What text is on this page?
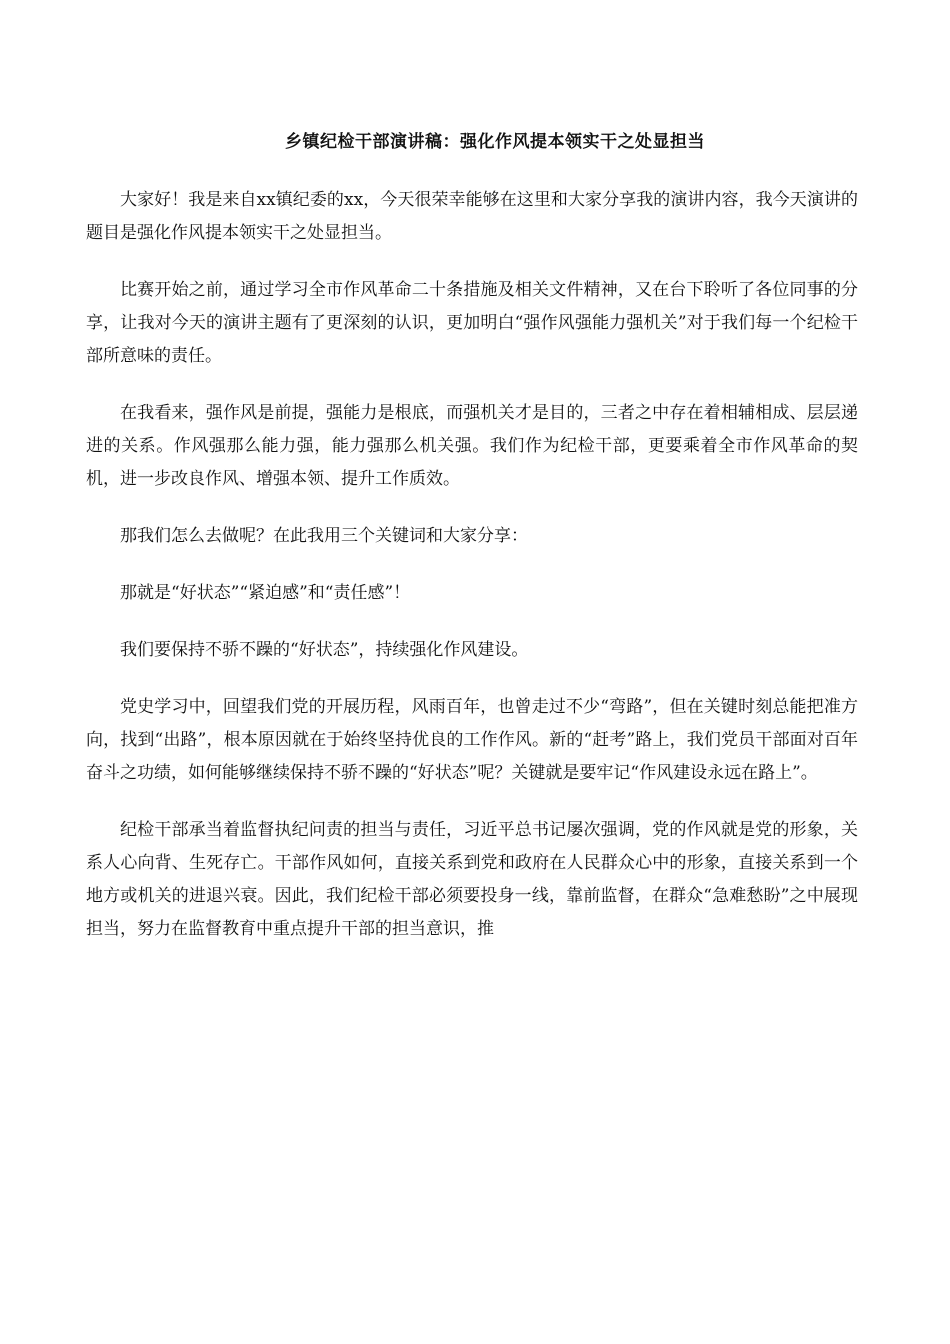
乡镇纪检干部演讲稿：强化作风提本领实干之处显担当

大家好！我是来自xx镇纪委的xx，今天很荣幸能够在这里和大家分享我的演讲内容，我今天演讲的题目是强化作风提本领实干之处显担当。

比赛开始之前，通过学习全市作风革命二十条措施及相关文件精神，又在台下聆听了各位同事的分享，让我对今天的演讲主题有了更深刻的认识，更加明白“强作风强能力强机关”对于我们每一个纪检干部所意味的责任。

在我看来，强作风是前提，强能力是根底，而强机关才是目的，三者之中存在着相辅相成、层层递进的关系。作风强那么能力强，能力强那么机关强。我们作为纪检干部，更要乘着全市作风革命的契机，进一步改良作风、增强本领、提升工作质效。

那我们怎么去做呢？在此我用三个关键词和大家分享：

那就是“好状态”“紧迫感”和“责任感”！

我们要保持不骄不躁的“好状态”，持续强化作风建设。

党史学习中，回望我们党的开展历程，风雨百年，也曾走过不少“弯路”，但在关键时刻总能把准方向，找到“出路”，根本原因就在于始终坚持优良的工作作风。新的“赶考”路上，我们党员干部面对百年奋斗之功绩，如何能够继续保持不骄不躁的“好状态”呢？关键就是要牢记“作风建设永远在路上”。

纪检干部承当着监督执纪问责的担当与责任，习近平总书记屡次强调，党的作风就是党的形象，关系人心向背、生死存亡。干部作风如何，直接关系到党和政府在人民群众心中的形象，直接关系到一个地方或机关的进退兴衰。因此，我们纪检干部必须要投身一线，靠前监督，在群众“急难愁盼”之中展现担当，努力在监督教育中重点提升干部的担当意识，推
